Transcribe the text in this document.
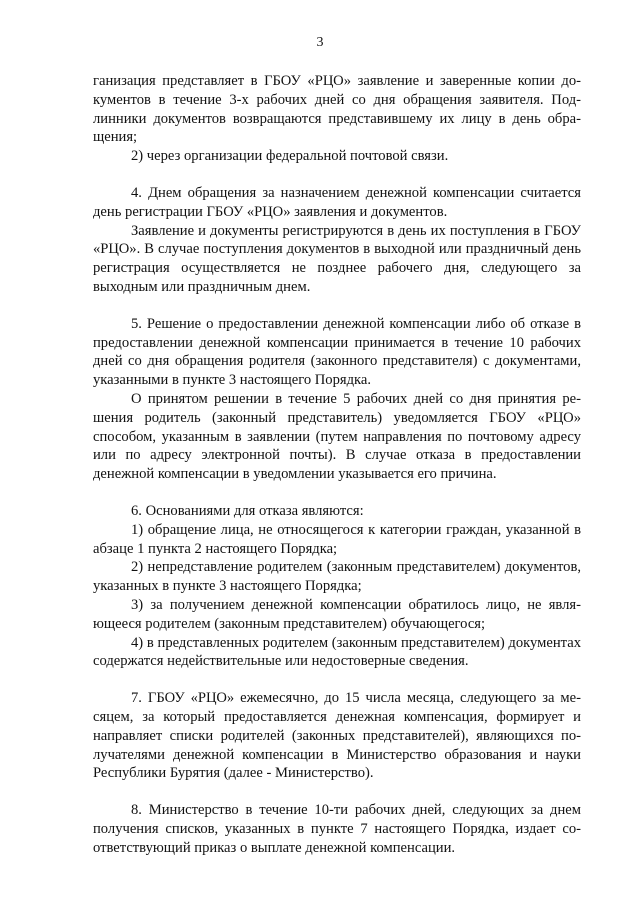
3

ганизация представляет в ГБОУ «РЦО» заявление и заверенные копии документов в течение 3-х рабочих дней со дня обращения заявителя. Подлинники документов возвращаются представившему их лицу в день обращения;

2) через организации федеральной почтовой связи.

4. Днем обращения за назначением денежной компенсации считается день регистрации ГБОУ «РЦО» заявления и документов.

Заявление и документы регистрируются в день их поступления в ГБОУ «РЦО». В случае поступления документов в выходной или праздничный день регистрация осуществляется не позднее рабочего дня, следующего за выходным или праздничным днем.

5. Решение о предоставлении денежной компенсации либо об отказе в предоставлении денежной компенсации принимается в течение 10 рабочих дней со дня обращения родителя (законного представителя) с документами, указанными в пункте 3 настоящего Порядка.

О принятом решении в течение 5 рабочих дней со дня принятия решения родитель (законный представитель) уведомляется ГБОУ «РЦО» способом, указанным в заявлении (путем направления по почтовому адресу или по адресу электронной почты). В случае отказа в предоставлении денежной компенсации в уведомлении указывается его причина.

6. Основаниями для отказа являются:

1) обращение лица, не относящегося к категории граждан, указанной в абзаце 1 пункта 2 настоящего Порядка;

2) непредставление родителем (законным представителем) документов, указанных в пункте 3 настоящего Порядка;

3) за получением денежной компенсации обратилось лицо, не являющееся родителем (законным представителем) обучающегося;

4) в представленных родителем (законным представителем) документах содержатся недействительные или недостоверные сведения.

7. ГБОУ «РЦО» ежемесячно, до 15 числа месяца, следующего за месяцем, за который предоставляется денежная компенсация, формирует и направляет списки родителей (законных представителей), являющихся получателями денежной компенсации в Министерство образования и науки Республики Бурятия (далее - Министерство).

8. Министерство в течение 10-ти рабочих дней, следующих за днем получения списков, указанных в пункте 7 настоящего Порядка, издает соответствующий приказ о выплате денежной компенсации.
